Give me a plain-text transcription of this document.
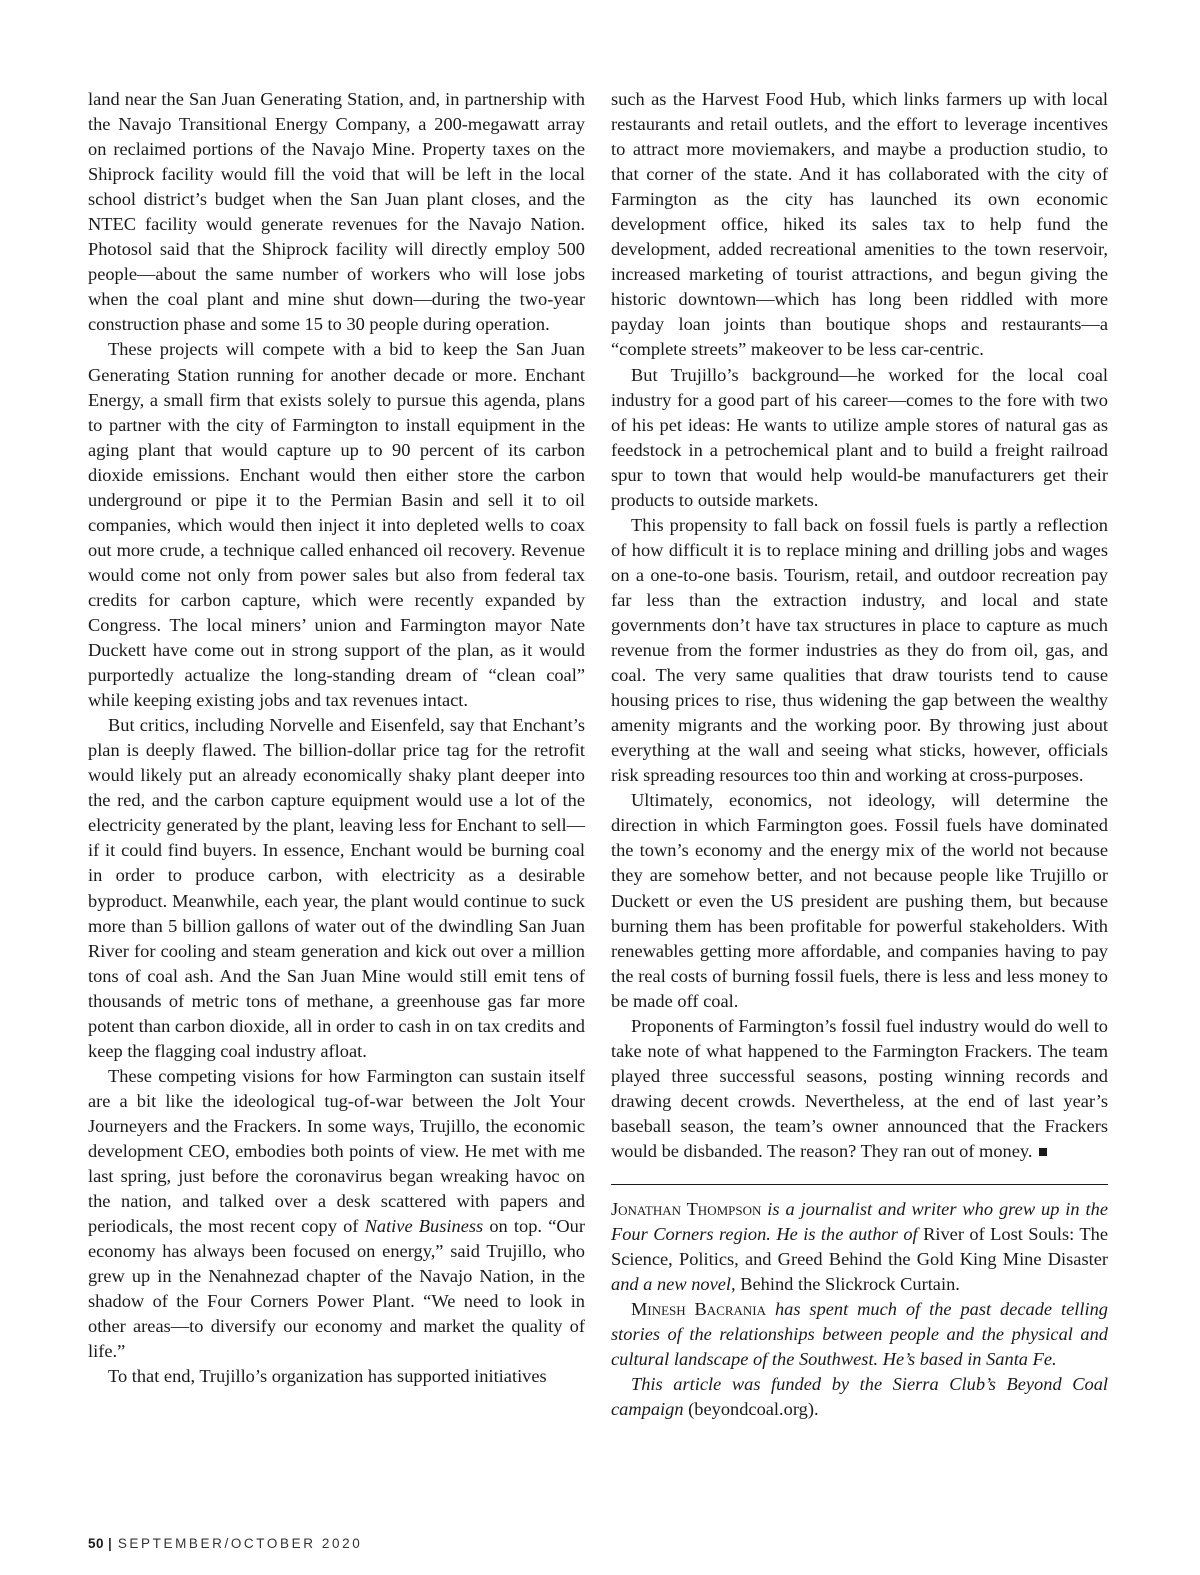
land near the San Juan Generating Station, and, in partnership with the Navajo Transitional Energy Company, a 200-megawatt array on reclaimed portions of the Navajo Mine. Property taxes on the Shiprock facility would fill the void that will be left in the local school district’s budget when the San Juan plant closes, and the NTEC facility would generate revenues for the Navajo Nation. Photosol said that the Shiprock facility will directly employ 500 people—about the same number of workers who will lose jobs when the coal plant and mine shut down—during the two-year construction phase and some 15 to 30 people during operation.

These projects will compete with a bid to keep the San Juan Generating Station running for another decade or more. Enchant Energy, a small firm that exists solely to pursue this agenda, plans to partner with the city of Farmington to install equipment in the aging plant that would capture up to 90 percent of its carbon dioxide emissions. Enchant would then either store the carbon underground or pipe it to the Permian Basin and sell it to oil companies, which would then inject it into depleted wells to coax out more crude, a technique called enhanced oil recovery. Revenue would come not only from power sales but also from federal tax credits for carbon capture, which were recently expanded by Congress. The local miners’ union and Farmington mayor Nate Duckett have come out in strong support of the plan, as it would purportedly actualize the long-standing dream of “clean coal” while keeping existing jobs and tax revenues intact.

But critics, including Norvelle and Eisenfeld, say that Enchant’s plan is deeply flawed. The billion-dollar price tag for the retrofit would likely put an already economically shaky plant deeper into the red, and the carbon capture equipment would use a lot of the electricity generated by the plant, leaving less for Enchant to sell—if it could find buyers. In essence, Enchant would be burning coal in order to produce carbon, with electricity as a desirable byproduct. Meanwhile, each year, the plant would continue to suck more than 5 billion gallons of water out of the dwindling San Juan River for cooling and steam generation and kick out over a million tons of coal ash. And the San Juan Mine would still emit tens of thousands of metric tons of methane, a greenhouse gas far more potent than carbon dioxide, all in order to cash in on tax credits and keep the flagging coal industry afloat.

These competing visions for how Farmington can sustain itself are a bit like the ideological tug-of-war between the Jolt Your Journeyers and the Frackers. In some ways, Trujillo, the economic development CEO, embodies both points of view. He met with me last spring, just before the coronavirus began wreaking havoc on the nation, and talked over a desk scattered with papers and periodicals, the most recent copy of Native Business on top. “Our economy has always been focused on energy,” said Trujillo, who grew up in the Nenahnezad chapter of the Navajo Nation, in the shadow of the Four Corners Power Plant. “We need to look in other areas—to diversify our economy and market the quality of life.”

To that end, Trujillo’s organization has supported initiatives

such as the Harvest Food Hub, which links farmers up with local restaurants and retail outlets, and the effort to leverage incentives to attract more moviemakers, and maybe a production studio, to that corner of the state. And it has collaborated with the city of Farmington as the city has launched its own economic development office, hiked its sales tax to help fund the development, added recreational amenities to the town reservoir, increased marketing of tourist attractions, and begun giving the historic downtown—which has long been riddled with more payday loan joints than boutique shops and restaurants—a “complete streets” makeover to be less car-centric.

But Trujillo’s background—he worked for the local coal industry for a good part of his career—comes to the fore with two of his pet ideas: He wants to utilize ample stores of natural gas as feedstock in a petrochemical plant and to build a freight railroad spur to town that would help would-be manufacturers get their products to outside markets.

This propensity to fall back on fossil fuels is partly a reflection of how difficult it is to replace mining and drilling jobs and wages on a one-to-one basis. Tourism, retail, and outdoor recreation pay far less than the extraction industry, and local and state governments don’t have tax structures in place to capture as much revenue from the former industries as they do from oil, gas, and coal. The very same qualities that draw tourists tend to cause housing prices to rise, thus widening the gap between the wealthy amenity migrants and the working poor. By throwing just about everything at the wall and seeing what sticks, however, officials risk spreading resources too thin and working at cross-purposes.

Ultimately, economics, not ideology, will determine the direction in which Farmington goes. Fossil fuels have dominated the town’s economy and the energy mix of the world not because they are somehow better, and not because people like Trujillo or Duckett or even the US president are pushing them, but because burning them has been profitable for powerful stakeholders. With renewables getting more affordable, and companies having to pay the real costs of burning fossil fuels, there is less and less money to be made off coal.

Proponents of Farmington’s fossil fuel industry would do well to take note of what happened to the Farmington Frackers. The team played three successful seasons, posting winning records and drawing decent crowds. Nevertheless, at the end of last year’s baseball season, the team’s owner announced that the Frackers would be disbanded. The reason? They ran out of money.

Jonathan Thompson is a journalist and writer who grew up in the Four Corners region. He is the author of River of Lost Souls: The Science, Politics, and Greed Behind the Gold King Mine Disaster and a new novel, Behind the Slickrock Curtain.

Minesh Bacrania has spent much of the past decade telling stories of the relationships between people and the physical and cultural landscape of the Southwest. He’s based in Santa Fe.

This article was funded by the Sierra Club’s Beyond Coal campaign (beyondcoal.org).

50 | SEPTEMBER/OCTOBER 2020
